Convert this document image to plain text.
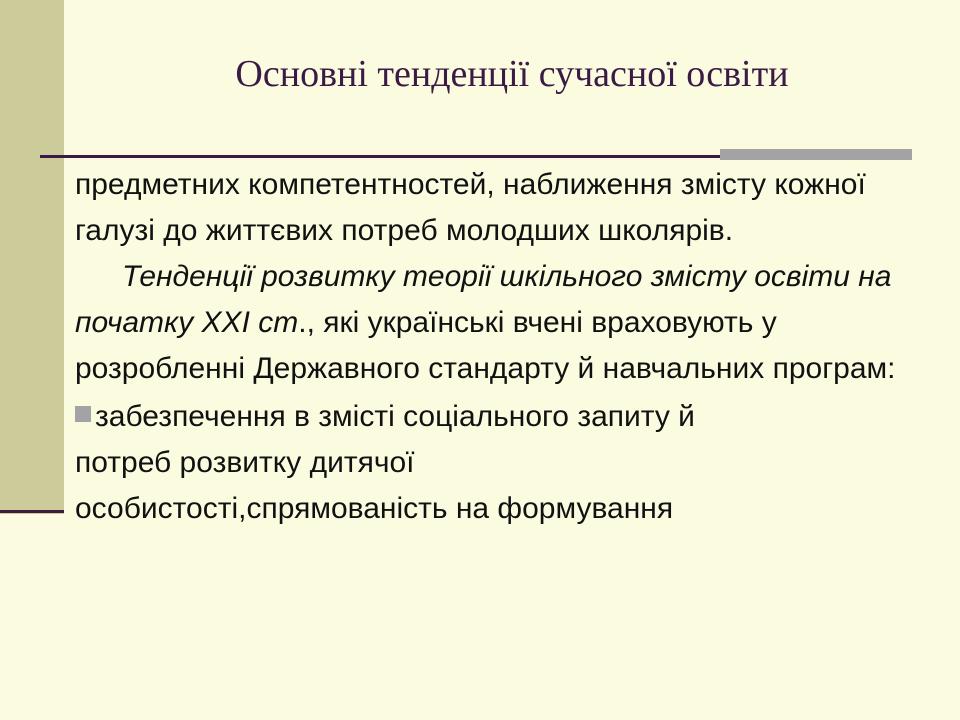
Основні тенденції сучасної освіти

предметних компетентностей, наближення змісту кожної галузі до життєвих потреб молодших школярів.

Тенденції розвитку теорії шкільного змісту освіти на початку XXI ст., які українські вчені враховують у розробленні Державного стандарту й навчальних програм:

забезпечення в змісті соціального запиту й
потреб розвитку дитячої
особистості,спрямованість на формування
